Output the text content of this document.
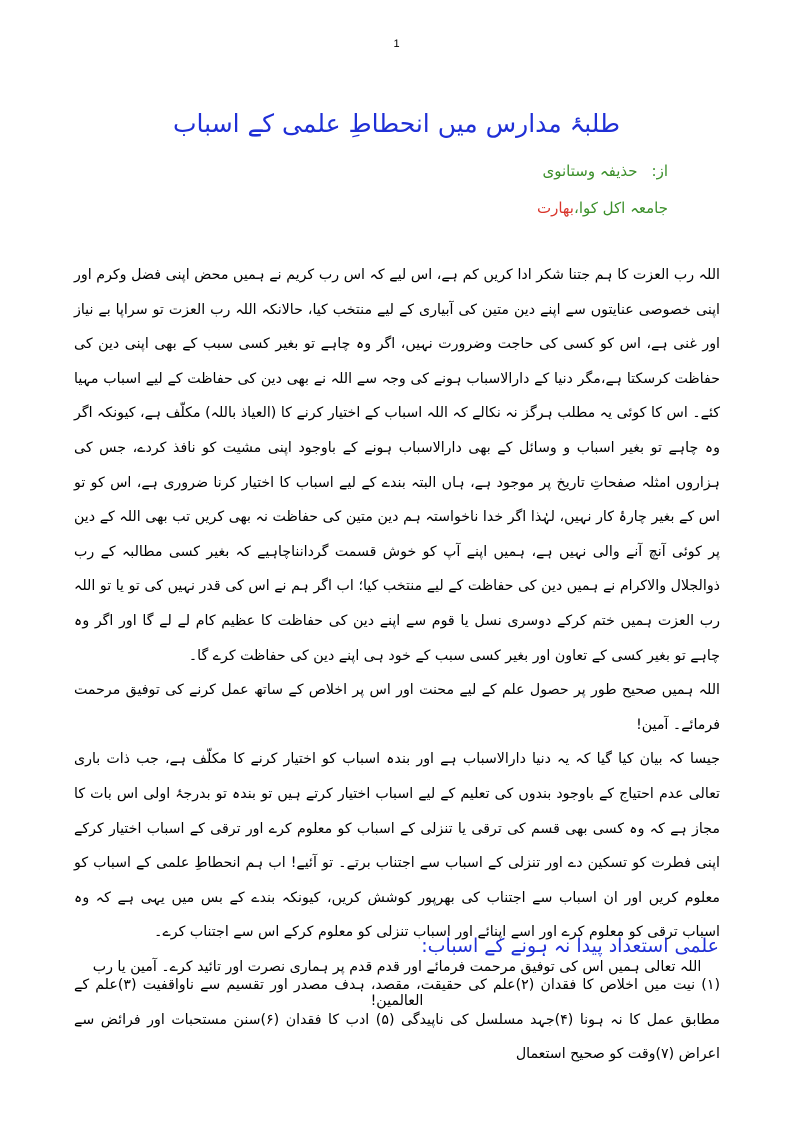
1
طلبۂ مدارس میں انحطاطِ علمی کے اسباب
از:حذیفہ وستانوی
جامعہ اکل کوا،بھارت

اللہ رب العزت کا ہم جتنا شکر ادا کریں کم ہے، اس لیے کہ اس رب کریم نے ہمیں محض اپنی فضل وکرم اور اپنی خصوصی عنایتوں سے اپنے دین متین کی آبیاری کے لیے منتخب کیا، حالانکہ اللہ رب العزت تو سراپا بے نیاز اور غنی ہے، اس کو کسی کی حاجت وضرورت نہیں، اگر وہ چاہے تو بغیر کسی سبب کے بھی اپنی دین کی حفاظت کرسکتا ہے،مگر دنیا کے دارالاسباب ہونے کی وجہ سے اللہ نے بھی دین کی حفاظت کے لیے اسباب مہیا کئے۔ اس کا کوئی یہ مطلب ہرگز نہ نکالے کہ اللہ اسباب کے اختیار کرنے کا (العیاذ باللہ) مکلّف ہے، کیونکہ اگر وہ چاہے تو بغیر اسباب و وسائل کے بھی دارالاسباب ہونے کے باوجود اپنی مشیت کو نافذ کردے، جس کی ہزاروں امثلہ صفحاتِ تاریخ پر موجود ہے، ہاں البتہ بندے کے لیے اسباب کا اختیار کرنا ضروری ہے، اس کو تو اس کے بغیر چارۂ کار نہیں، لہٰذا اگر خدا ناخواستہ ہم دین متین کی حفاظت نہ بھی کریں تب بھی اللہ کے دین پر کوئی آنچ آنے والی نہیں ہے، ہمیں اپنے آپ کو خوش قسمت گردانناچاہیے کہ بغیر کسی مطالبہ کے رب ذوالجلال والاکرام نے ہمیں دین کی حفاظت کے لیے منتخب کیا؛ اب اگر ہم نے اس کی قدر نہیں کی تو یا تو اللہ رب العزت ہمیں ختم کرکے دوسری نسل یا قوم سے اپنے دین کی حفاظت کا عظیم کام لے لے گا اور اگر وہ چاہے تو بغیر کسی کے تعاون اور بغیر کسی سبب کے خود ہی اپنے دین کی حفاظت کرے گا۔

اللہ ہمیں صحیح طور پر حصول علم کے لیے محنت اور اس پر اخلاص کے ساتھ عمل کرنے کی توفیق مرحمت فرمائے۔ آمین!

جیسا کہ بیان کیا گیا کہ یہ دنیا دارالاسباب ہے اور بندہ اسباب کو اختیار کرنے کا مکلّف ہے، جب ذات باری تعالی عدم احتیاج کے باوجود بندوں کی تعلیم کے لیے اسباب اختیار کرتے ہیں تو بندہ تو بدرجۂ اولی اس بات کا مجاز ہے کہ وہ کسی بھی قسم کی ترقی یا تنزلی کے اسباب کو معلوم کرے اور ترقی کے اسباب اختیار کرکے اپنی فطرت کو تسکین دے اور تنزلی کے اسباب سے اجتناب برتے۔ تو آئیے! اب ہم انحطاطِ علمی کے اسباب کو معلوم کریں اور ان اسباب سے اجتناب کی بھرپور کوشش کریں، کیونکہ بندے کے بس میں یہی ہے کہ وہ اسباب ترقی کو معلوم کرے اور اسے اپنائے اور اسباب تنزلی کو معلوم کرکے اس سے اجتناب کرے۔

اللہ تعالی ہمیں اس کی توفیق مرحمت فرمائے اور قدم قدم پر ہماری نصرت اور تائید کرے۔ آمین یا رب العالمین!

علمی استعداد پیدا نہ ہونے کے اسباب:

(۱) نیت میں اخلاص کا فقدان (۲)علم کی حقیقت، مقصد، ہدف مصدر اور تقسیم سے ناواقفیت (۳)علم کے مطابق عمل کا نہ ہونا (۴)جہد مسلسل کی ناپیدگی (۵) ادب کا فقدان (۶)سنن مستحبات اور فرائض سے اعراض (۷)وقت کو صحیح استعمال
